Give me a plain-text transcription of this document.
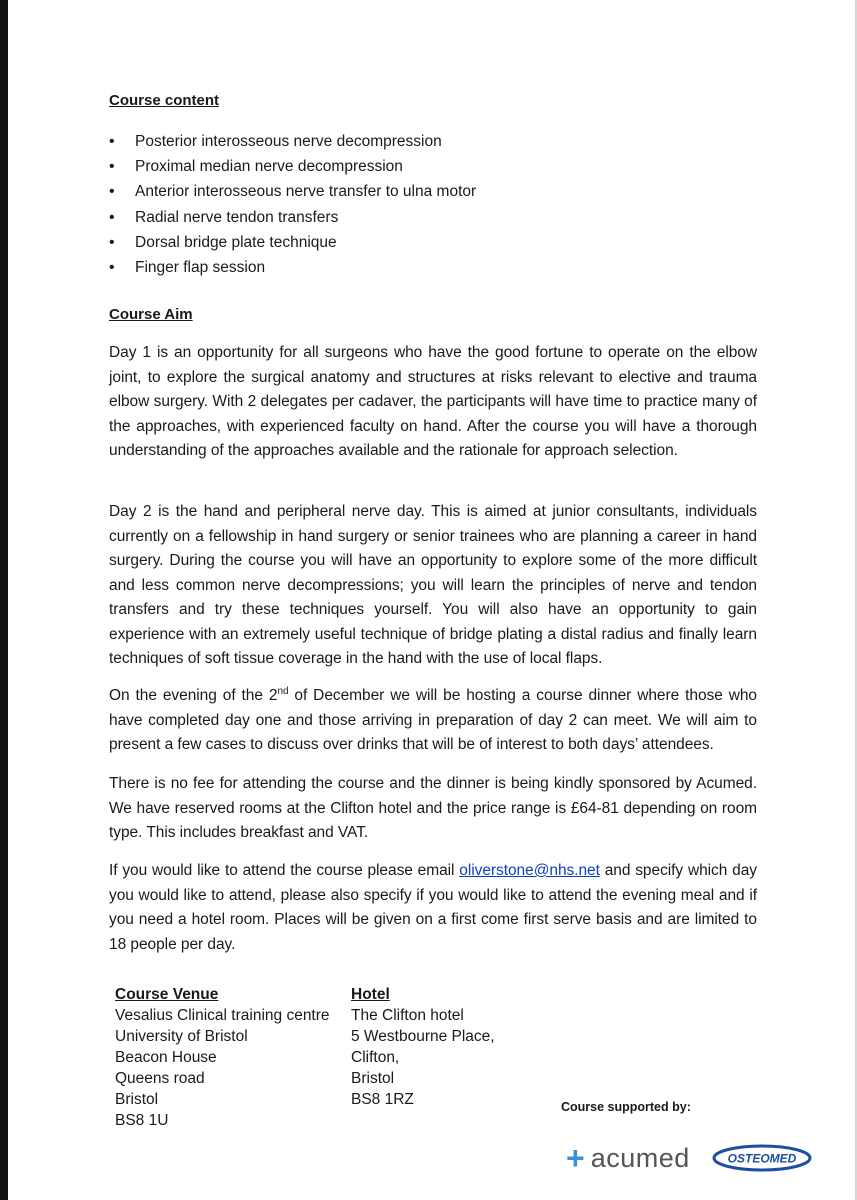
Course content
• Posterior interosseous nerve decompression
• Proximal median nerve decompression
• Anterior interosseous nerve transfer to ulna motor
• Radial nerve tendon transfers
• Dorsal bridge plate technique
• Finger flap session
Course Aim

Day 1 is an opportunity for all surgeons who have the good fortune to operate on the elbow joint, to explore the surgical anatomy and structures at risks relevant to elective and trauma elbow surgery. With 2 delegates per cadaver, the participants will have time to practice many of the approaches, with experienced faculty on hand. After the course you will have a thorough understanding of the approaches available and the rationale for approach selection.

Day 2 is the hand and peripheral nerve day. This is aimed at junior consultants, individuals currently on a fellowship in hand surgery or senior trainees who are planning a career in hand surgery. During the course you will have an opportunity to explore some of the more difficult and less common nerve decompressions; you will learn the principles of nerve and tendon transfers and try these techniques yourself. You will also have an opportunity to gain experience with an extremely useful technique of bridge plating a distal radius and finally learn techniques of soft tissue coverage in the hand with the use of local flaps.

On the evening of the 2nd of December we will be hosting a course dinner where those who have completed day one and those arriving in preparation of day 2 can meet. We will aim to present a few cases to discuss over drinks that will be of interest to both days’ attendees.

There is no fee for attending the course and the dinner is being kindly sponsored by Acumed. We have reserved rooms at the Clifton hotel and the price range is £64-81 depending on room type. This includes breakfast and VAT.

If you would like to attend the course please email oliverstone@nhs.net and specify which day you would like to attend, please also specify if you would like to attend the evening meal and if you need a hotel room. Places will be given on a first come first serve basis and are limited to 18 people per day.

Course Venue
Vesalius Clinical training centre
University of Bristol
Beacon House
Queens road
Bristol
BS8 1U
Hotel
The Clifton hotel
5 Westbourne Place,
Clifton,
Bristol
BS8 1RZ	Course supported by:
+ acumed	OSTEOMED
